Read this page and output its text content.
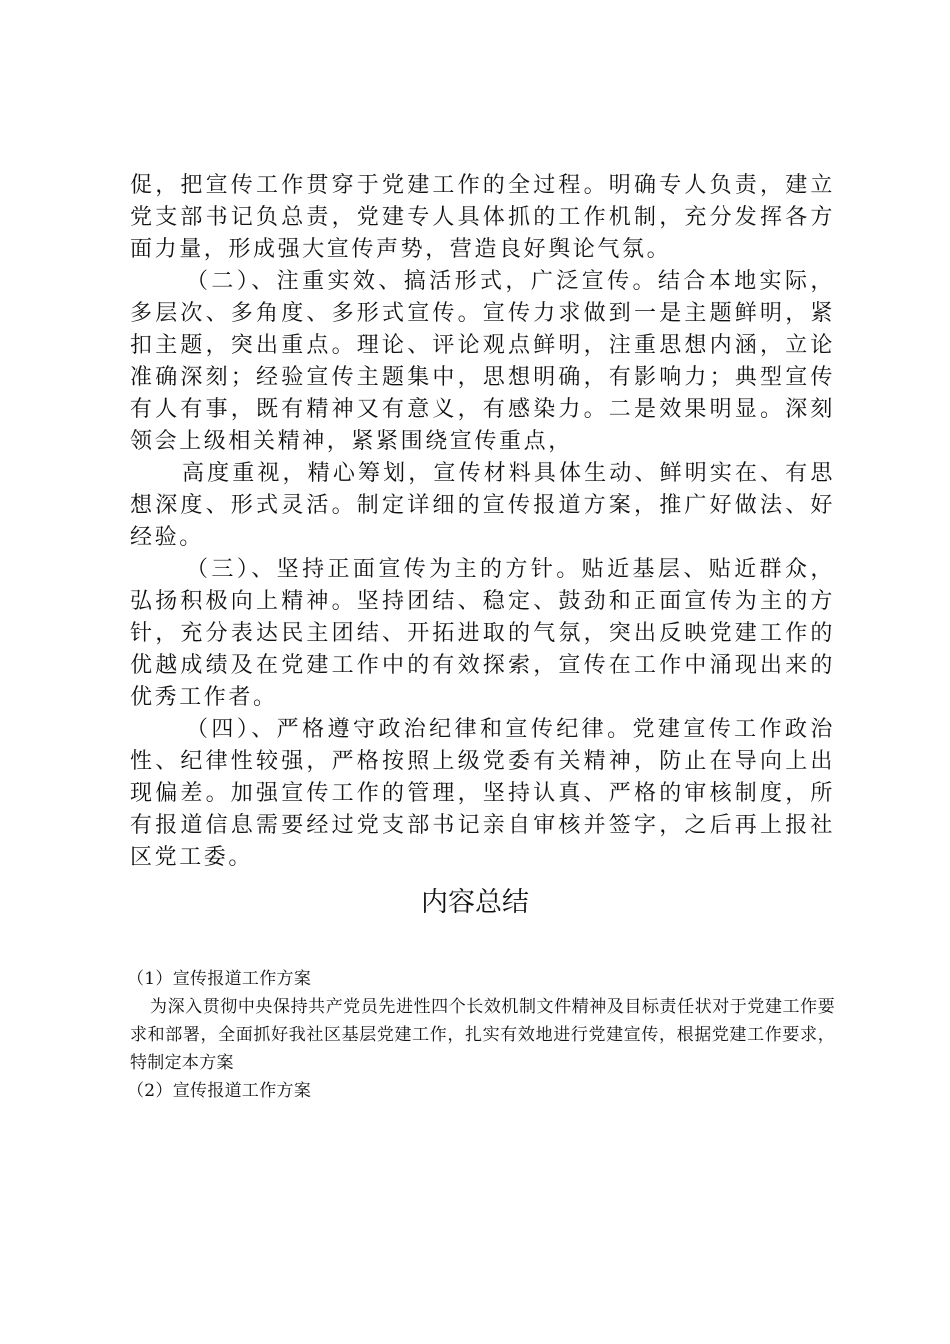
促，把宣传工作贯穿于党建工作的全过程。明确专人负责，建立党支部书记负总责，党建专人具体抓的工作机制，充分发挥各方面力量，形成强大宣传声势，营造良好舆论气氛。

（二）、注重实效、搞活形式，广泛宣传。结合本地实际，多层次、多角度、多形式宣传。宣传力求做到一是主题鲜明，紧扣主题，突出重点。理论、评论观点鲜明，注重思想内涵，立论准确深刻；经验宣传主题集中，思想明确，有影响力；典型宣传有人有事，既有精神又有意义，有感染力。二是效果明显。深刻领会上级相关精神，紧紧围绕宣传重点，

高度重视，精心筹划，宣传材料具体生动、鲜明实在、有思想深度、形式灵活。制定详细的宣传报道方案，推广好做法、好经验。

（三）、坚持正面宣传为主的方针。贴近基层、贴近群众，弘扬积极向上精神。坚持团结、稳定、鼓劲和正面宣传为主的方针，充分表达民主团结、开拓进取的气氛，突出反映党建工作的优越成绩及在党建工作中的有效探索，宣传在工作中涌现出来的优秀工作者。

（四）、严格遵守政治纪律和宣传纪律。党建宣传工作政治性、纪律性较强，严格按照上级党委有关精神，防止在导向上出现偏差。加强宣传工作的管理，坚持认真、严格的审核制度，所有报道信息需要经过党支部书记亲自审核并签字，之后再上报社区党工委。

内容总结

（1）宣传报道工作方案

为深入贯彻中央保持共产党员先进性四个长效机制文件精神及目标责任状对于党建工作要求和部署，全面抓好我社区基层党建工作，扎实有效地进行党建宣传，根据党建工作要求，特制定本方案

（2）宣传报道工作方案
